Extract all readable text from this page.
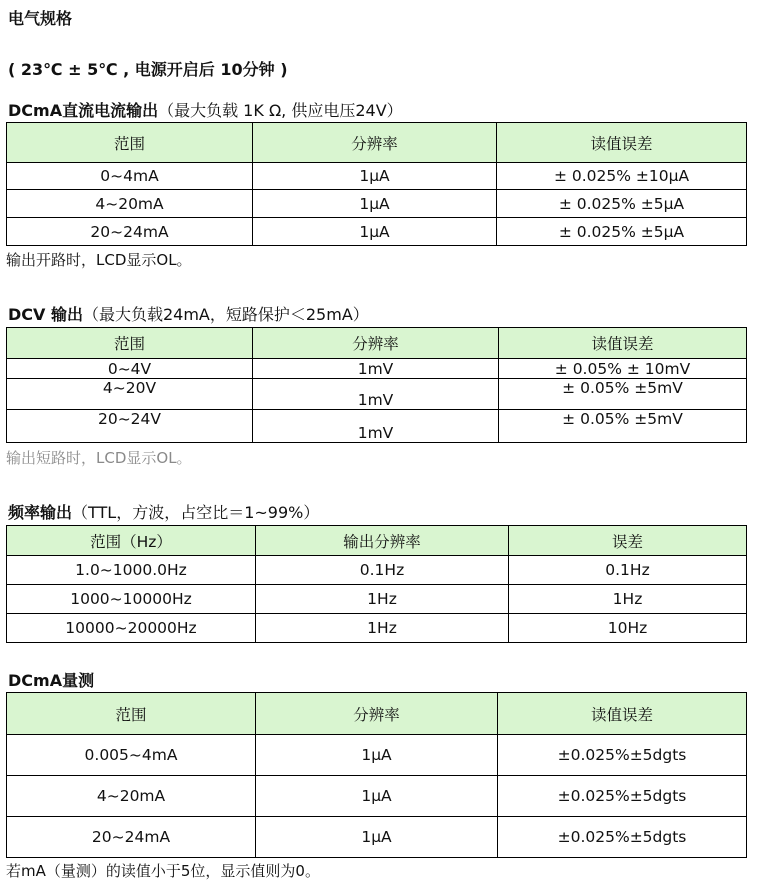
电气规格
( 23℃ ± 5℃ , 电源开启后 10分钟 )
DCmA直流电流输出（最大负载 1K Ω, 供应电压24V）
范围	分辨率	读值误差
0~4mA	1μA	± 0.025% ±10μA
4~20mA	1μA	± 0.025% ±5μA
20~24mA	1μA	± 0.025% ±5μA
输出开路时，LCD显示OL。
DCV 输出（最大负载24mA，短路保护＜25mA）
范围	分辨率	读值误差
0~4V	1mV	± 0.05% ± 10mV
4~20V	1mV	± 0.05% ±5mV
20~24V	1mV	± 0.05% ±5mV
输出短路时，LCD显示OL。
频率输出（TTL，方波，占空比＝1~99%）
范围（Hz）	输出分辨率	误差
1.0~1000.0Hz	0.1Hz	0.1Hz
1000~10000Hz	1Hz	1Hz
10000~20000Hz	1Hz	10Hz
DCmA量测
范围	分辨率	读值误差
0.005~4mA	1μA	±0.025%±5dgts
4~20mA	1μA	±0.025%±5dgts
20~24mA	1μA	±0.025%±5dgts
若mA（量测）的读值小于5位，显示值则为0。
